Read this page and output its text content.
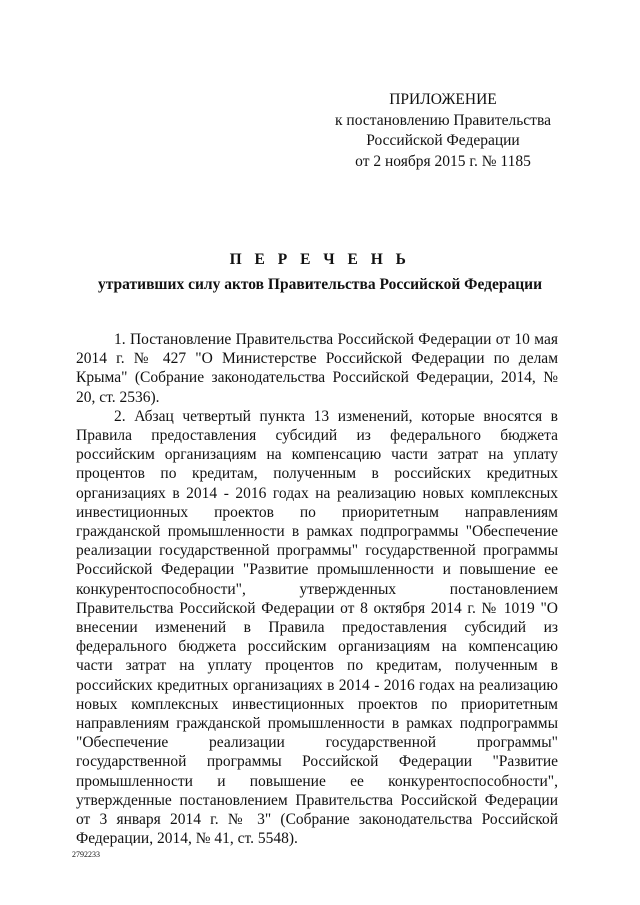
ПРИЛОЖЕНИЕ
к постановлению Правительства
Российской Федерации
от 2 ноября 2015 г. № 1185
П Е Р Е Ч Е Н Ь
утративших силу актов Правительства Российской Федерации

1. Постановление Правительства Российской Федерации от 10 мая 2014 г. № 427 "О Министерстве Российской Федерации по делам Крыма" (Собрание законодательства Российской Федерации, 2014, № 20, ст. 2536).

2. Абзац четвертый пункта 13 изменений, которые вносятся в Правила предоставления субсидий из федерального бюджета российским организациям на компенсацию части затрат на уплату процентов по кредитам, полученным в российских кредитных организациях в 2014 - 2016 годах на реализацию новых комплексных инвестиционных проектов по приоритетным направлениям гражданской промышленности в рамках подпрограммы "Обеспечение реализации государственной программы" государственной программы Российской Федерации "Развитие промышленности и повышение ее конкурентоспособности", утвержденных постановлением Правительства Российской Федерации от 8 октября 2014 г. № 1019 "О внесении изменений в Правила предоставления субсидий из федерального бюджета российским организациям на компенсацию части затрат на уплату процентов по кредитам, полученным в российских кредитных организациях в 2014 - 2016 годах на реализацию новых комплексных инвестиционных проектов по приоритетным направлениям гражданской промышленности в рамках подпрограммы "Обеспечение реализации государственной программы" государственной программы Российской Федерации "Развитие промышленности и повышение ее конкурентоспособности", утвержденные постановлением Правительства Российской Федерации от 3 января 2014 г. № 3" (Собрание законодательства Российской Федерации, 2014, № 41, ст. 5548).

2792233
